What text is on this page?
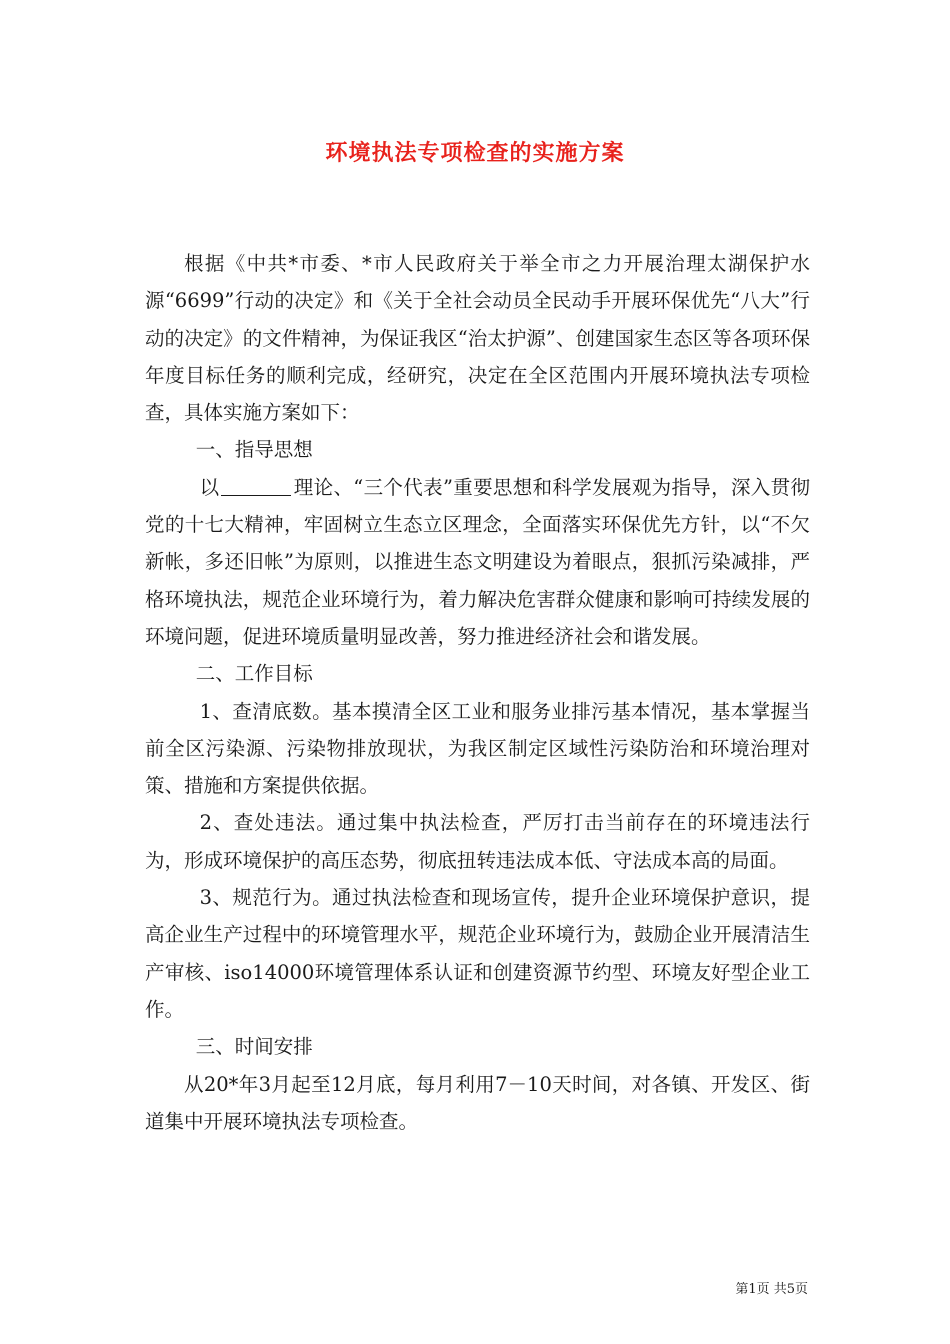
环境执法专项检查的实施方案

根据《中共*市委、*市人民政府关于举全市之力开展治理太湖保护水源“6699”行动的决定》和《关于全社会动员全民动手开展环保优先“八大”行动的决定》的文件精神，为保证我区“治太护源”、创建国家生态区等各项环保年度目标任务的顺利完成，经研究，决定在全区范围内开展环境执法专项检查，具体实施方案如下：

一、指导思想

以	理论、“三个代表”重要思想和科学发展观为指导，深入贯彻党的十七大精神，牢固树立生态立区理念，全面落实环保优先方针，以“不欠新帐，多还旧帐”为原则，以推进生态文明建设为着眼点，狠抓污染减排，严格环境执法，规范企业环境行为，着力解决危害群众健康和影响可持续发展的环境问题，促进环境质量明显改善，努力推进经济社会和谐发展。

二、工作目标

1、查清底数。基本摸清全区工业和服务业排污基本情况，基本掌握当前全区污染源、污染物排放现状，为我区制定区域性污染防治和环境治理对策、措施和方案提供依据。

2、查处违法。通过集中执法检查，严厉打击当前存在的环境违法行为，形成环境保护的高压态势，彻底扭转违法成本低、守法成本高的局面。

3、规范行为。通过执法检查和现场宣传，提升企业环境保护意识，提高企业生产过程中的环境管理水平，规范企业环境行为，鼓励企业开展清洁生产审核、iso14000环境管理体系认证和创建资源节约型、环境友好型企业工作。

三、时间安排

从20*年3月起至12月底，每月利用7－10天时间，对各镇、开发区、街道集中开展环境执法专项检查。

第1页 共5页
